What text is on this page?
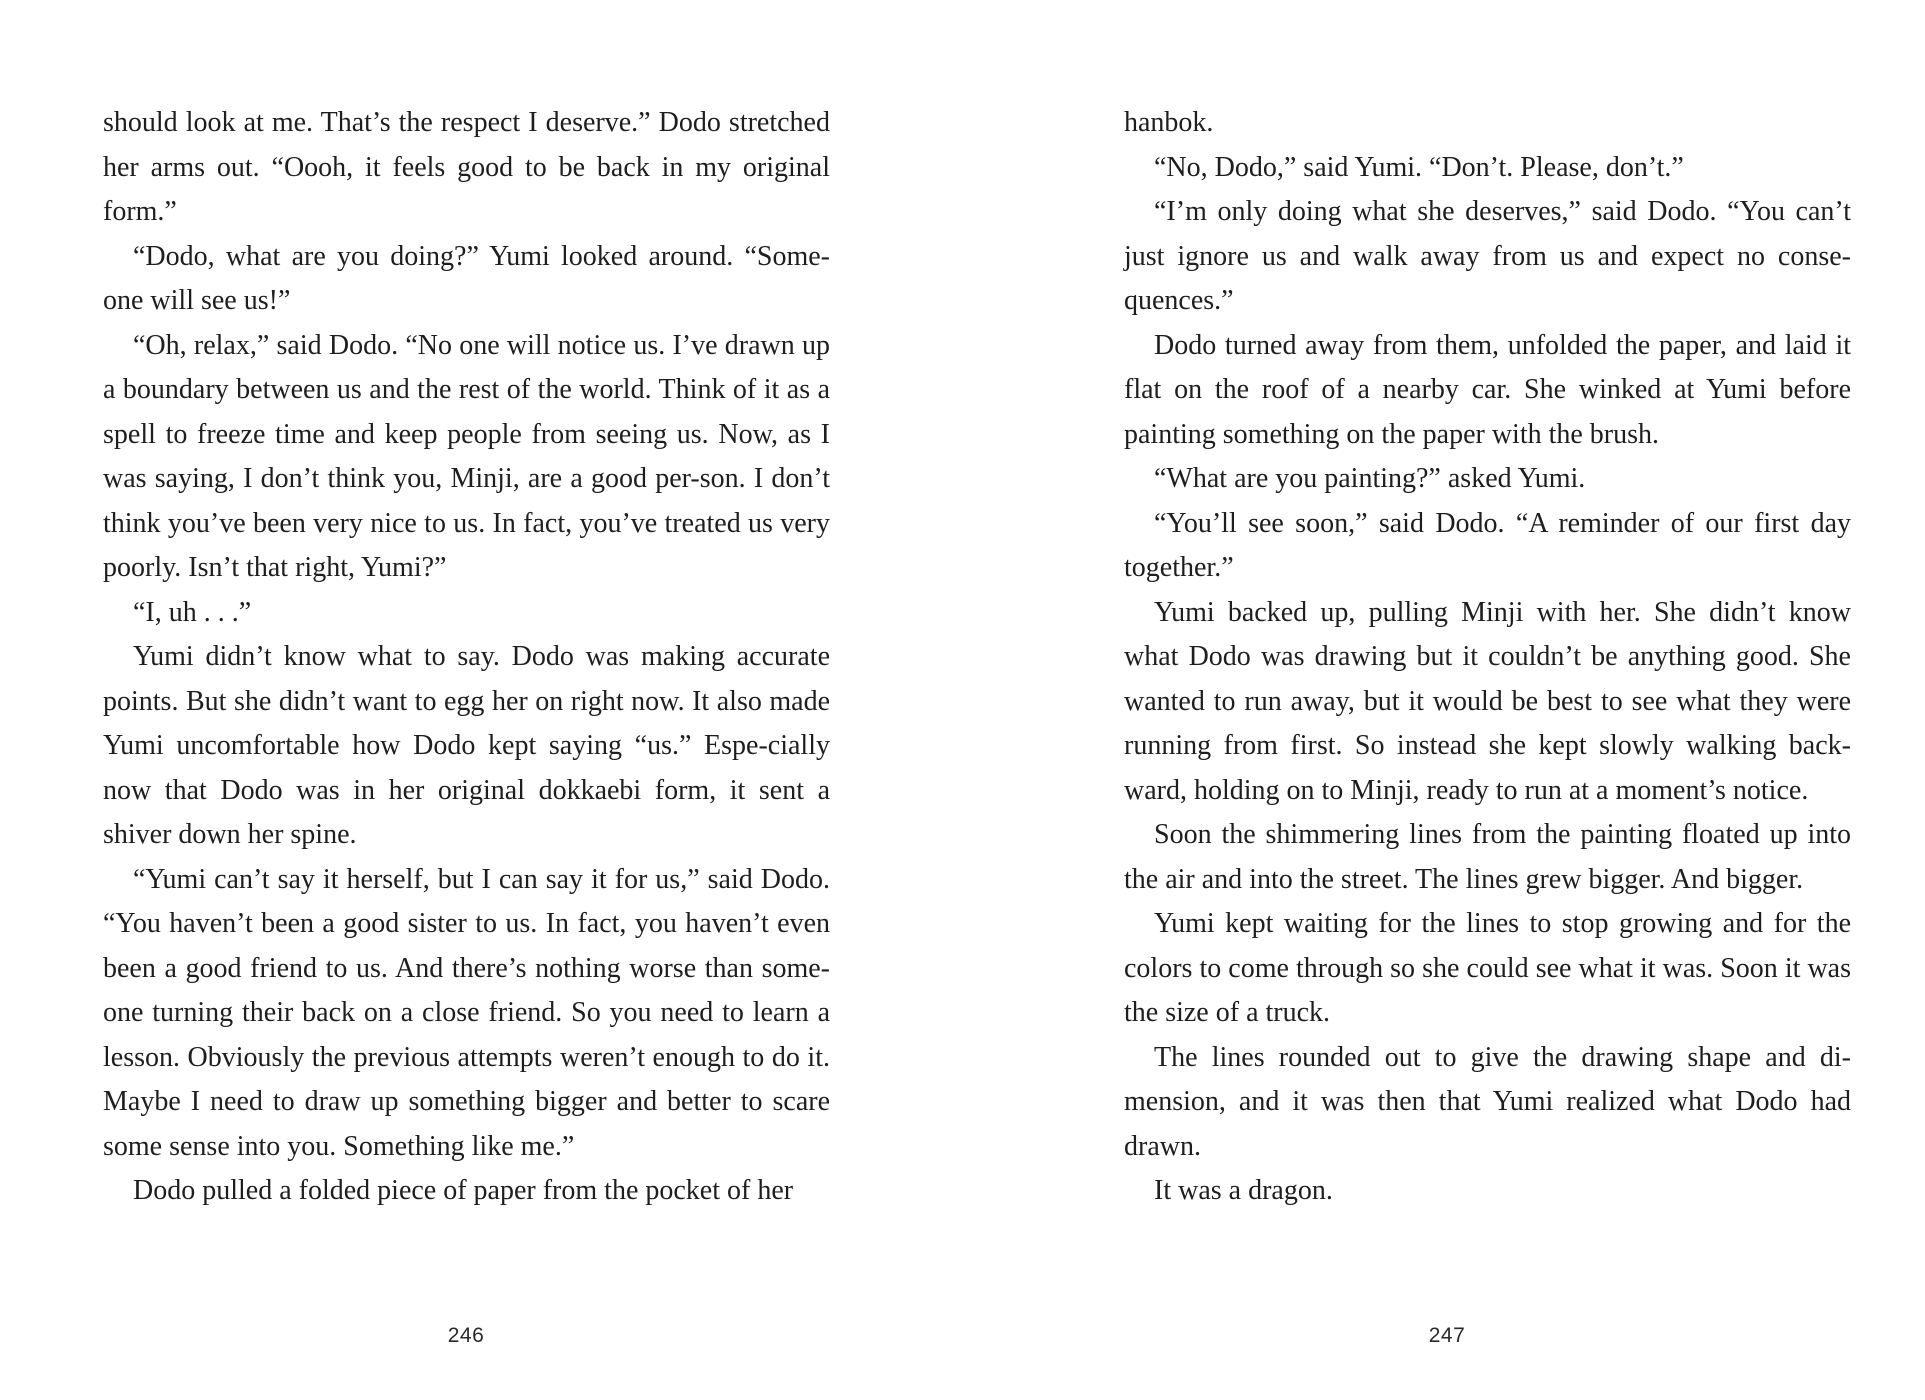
should look at me. That’s the respect I deserve.” Dodo stretched her arms out. “Oooh, it feels good to be back in my original form.”

“Dodo, what are you doing?” Yumi looked around. “Some-one will see us!”

“Oh, relax,” said Dodo. “No one will notice us. I’ve drawn up a boundary between us and the rest of the world. Think of it as a spell to freeze time and keep people from seeing us. Now, as I was saying, I don’t think you, Minji, are a good per-son. I don’t think you’ve been very nice to us. In fact, you’ve treated us very poorly. Isn’t that right, Yumi?”

“I, uh . . .”

Yumi didn’t know what to say. Dodo was making accurate points. But she didn’t want to egg her on right now. It also made Yumi uncomfortable how Dodo kept saying “us.” Espe-cially now that Dodo was in her original dokkaebi form, it sent a shiver down her spine.

“Yumi can’t say it herself, but I can say it for us,” said Dodo. “You haven’t been a good sister to us. In fact, you haven’t even been a good friend to us. And there’s nothing worse than some-one turning their back on a close friend. So you need to learn a lesson. Obviously the previous attempts weren’t enough to do it. Maybe I need to draw up something bigger and better to scare some sense into you. Something like me.”

Dodo pulled a folded piece of paper from the pocket of her

246

hanbok.

“No, Dodo,” said Yumi. “Don’t. Please, don’t.”

“I’m only doing what she deserves,” said Dodo. “You can’t just ignore us and walk away from us and expect no conse-quences.”

Dodo turned away from them, unfolded the paper, and laid it flat on the roof of a nearby car. She winked at Yumi before painting something on the paper with the brush.

“What are you painting?” asked Yumi.

“You’ll see soon,” said Dodo. “A reminder of our first day together.”

Yumi backed up, pulling Minji with her. She didn’t know what Dodo was drawing but it couldn’t be anything good. She wanted to run away, but it would be best to see what they were running from first. So instead she kept slowly walking back-ward, holding on to Minji, ready to run at a moment’s notice.

Soon the shimmering lines from the painting floated up into the air and into the street. The lines grew bigger. And bigger.

Yumi kept waiting for the lines to stop growing and for the colors to come through so she could see what it was. Soon it was the size of a truck.

The lines rounded out to give the drawing shape and di-mension, and it was then that Yumi realized what Dodo had drawn.

It was a dragon.

247
